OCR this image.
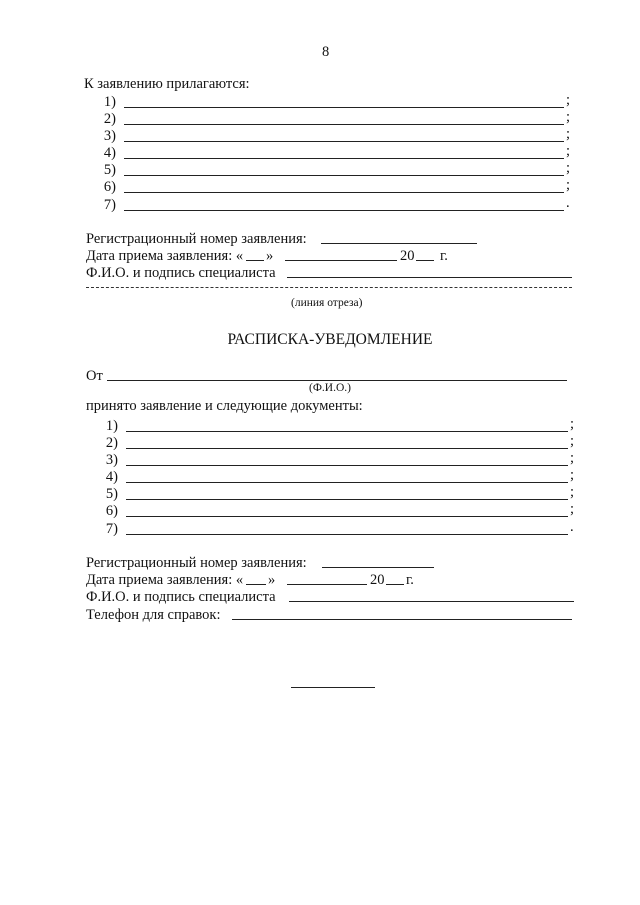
8
К заявлению прилагаются:
1)	;
2)	;
3)	;
4)	;
5)	;
6)	;
7)	.
Регистрационный номер заявления:
Дата приема заявления: « »	20 г.
Ф.И.О. и подпись специалиста
(линия отреза)
РАСПИСКА-УВЕДОМЛЕНИЕ
От
(Ф.И.О.)
принято заявление и следующие документы:
1)	;
2)	;
3)	;
4)	;
5)	;
6)	;
7)	.
Регистрационный номер заявления:
Дата приема заявления: « »	20 г.
Ф.И.О. и подпись специалиста
Телефон для справок:
